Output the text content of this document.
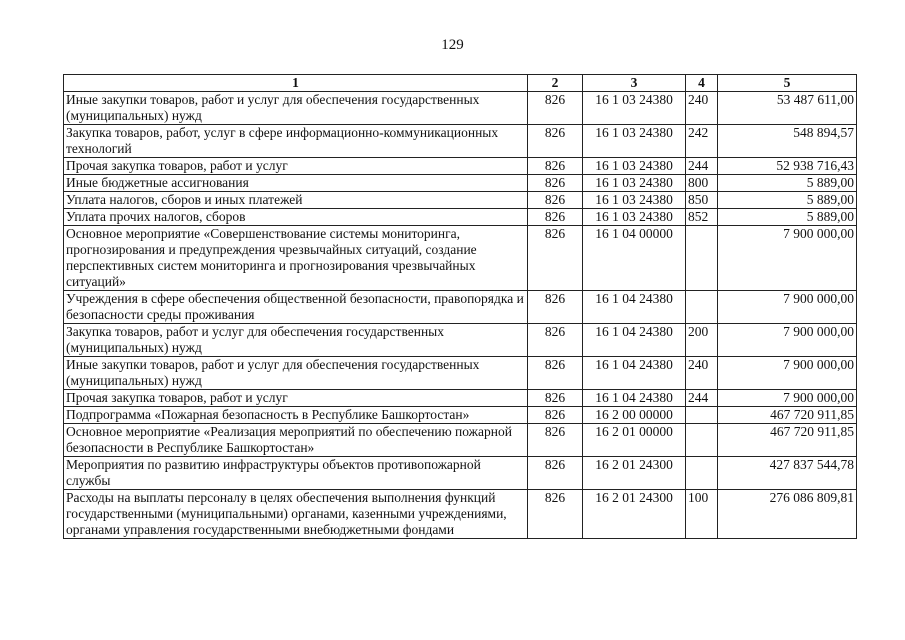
129
1	2	3	4	5
Иные закупки товаров, работ и услуг для обеспечения государственных (муниципальных) нужд	826	16 1 03 24380	240	53 487 611,00
Закупка товаров, работ, услуг в сфере информационно-коммуникационных технологий	826	16 1 03 24380	242	548 894,57
Прочая закупка товаров, работ и услуг	826	16 1 03 24380	244	52 938 716,43
Иные бюджетные ассигнования	826	16 1 03 24380	800	5 889,00
Уплата налогов, сборов и иных платежей	826	16 1 03 24380	850	5 889,00
Уплата прочих налогов, сборов	826	16 1 03 24380	852	5 889,00
Основное мероприятие «Совершенствование системы мониторинга, прогнозирования и предупреждения чрезвычайных ситуаций, создание перспективных систем мониторинга и прогнозирования чрезвычайных ситуаций»	826	16 1 04 00000		7 900 000,00
Учреждения в сфере обеспечения общественной безопасности, правопорядка и безопасности среды проживания	826	16 1 04 24380		7 900 000,00
Закупка товаров, работ и услуг для обеспечения государственных (муниципальных) нужд	826	16 1 04 24380	200	7 900 000,00
Иные закупки товаров, работ и услуг для обеспечения государственных (муниципальных) нужд	826	16 1 04 24380	240	7 900 000,00
Прочая закупка товаров, работ и услуг	826	16 1 04 24380	244	7 900 000,00
Подпрограмма «Пожарная безопасность в Республике Башкортостан»	826	16 2 00 00000		467 720 911,85
Основное мероприятие «Реализация мероприятий по обеспечению пожарной безопасности в Республике Башкортостан»	826	16 2 01 00000		467 720 911,85
Мероприятия по развитию инфраструктуры объектов противопожарной службы	826	16 2 01 24300		427 837 544,78
Расходы на выплаты персоналу в целях обеспечения выполнения функций государственными (муниципальными) органами, казенными учреждениями, органами управления государственными внебюджетными фондами	826	16 2 01 24300	100	276 086 809,81
